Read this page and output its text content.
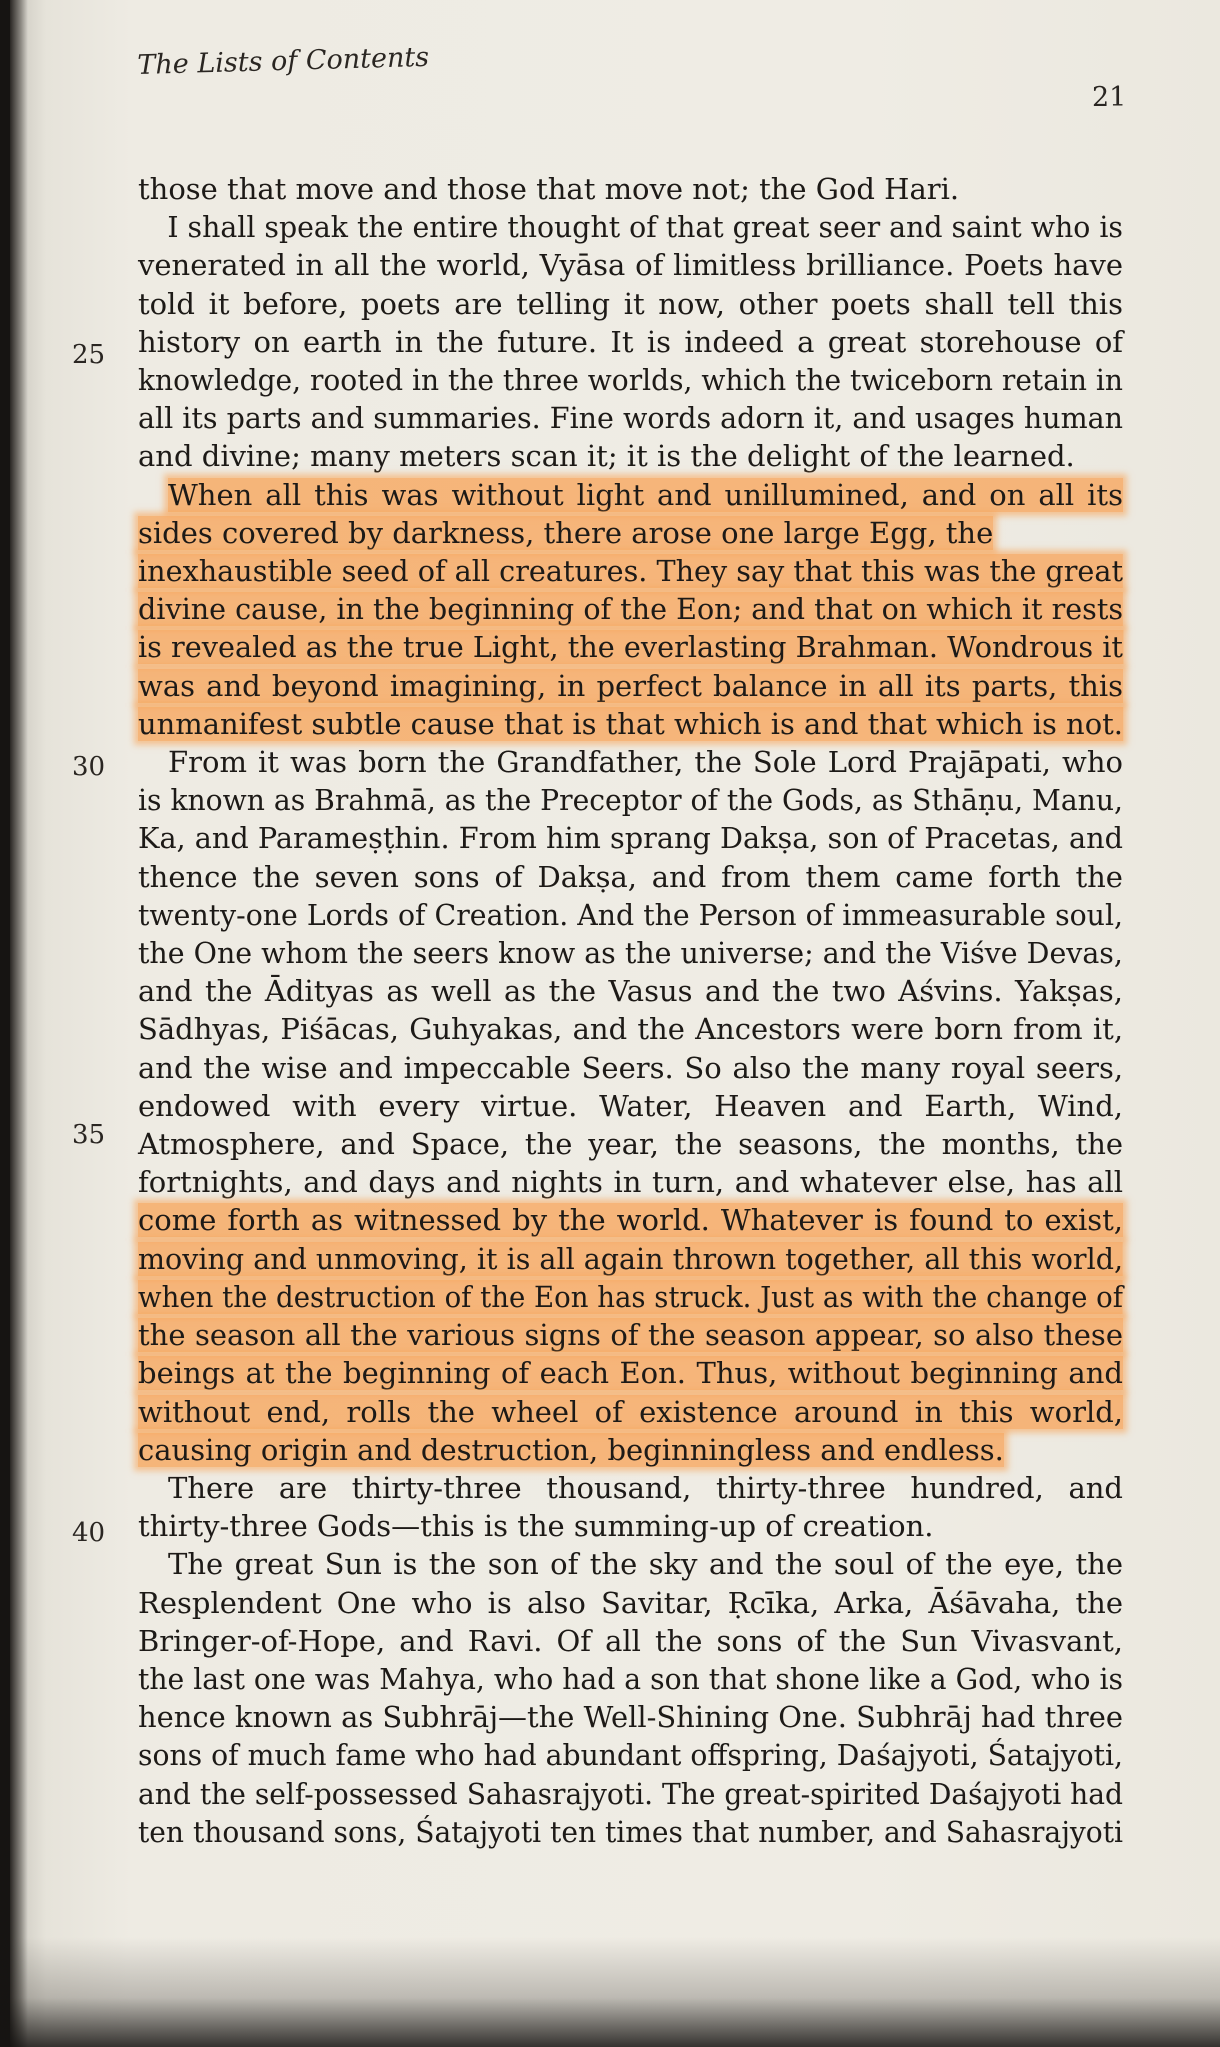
The Lists of Contents
21
25
30
35
40
those that move and those that move not; the God Hari.
I shall speak the entire thought of that great seer and saint who is
venerated in all the world, Vyāsa of limitless brilliance. Poets have
told it before, poets are telling it now, other poets shall tell this
history on earth in the future. It is indeed a great storehouse of
knowledge, rooted in the three worlds, which the twiceborn retain in
all its parts and summaries. Fine words adorn it, and usages human
and divine; many meters scan it; it is the delight of the learned.
When all this was without light and unillumined, and on all its
sides covered by darkness, there arose one large Egg, the
inexhaustible seed of all creatures. They say that this was the great
divine cause, in the beginning of the Eon; and that on which it rests
is revealed as the true Light, the everlasting Brahman. Wondrous it
was and beyond imagining, in perfect balance in all its parts, this
unmanifest subtle cause that is that which is and that which is not.
From it was born the Grandfather, the Sole Lord Prajāpati, who
is known as Brahmā, as the Preceptor of the Gods, as Sthāṇu, Manu,
Ka, and Parameṣṭhin. From him sprang Dakṣa, son of Pracetas, and
thence the seven sons of Dakṣa, and from them came forth the
twenty-one Lords of Creation. And the Person of immeasurable soul,
the One whom the seers know as the universe; and the Viśve Devas,
and the Ādityas as well as the Vasus and the two Aśvins. Yakṣas,
Sādhyas, Piśācas, Guhyakas, and the Ancestors were born from it,
and the wise and impeccable Seers. So also the many royal seers,
endowed with every virtue. Water, Heaven and Earth, Wind,
Atmosphere, and Space, the year, the seasons, the months, the
fortnights, and days and nights in turn, and whatever else, has all
come forth as witnessed by the world. Whatever is found to exist,
moving and unmoving, it is all again thrown together, all this world,
when the destruction of the Eon has struck. Just as with the change of
the season all the various signs of the season appear, so also these
beings at the beginning of each Eon. Thus, without beginning and
without end, rolls the wheel of existence around in this world,
causing origin and destruction, beginningless and endless.
There are thirty-three thousand, thirty-three hundred, and
thirty-three Gods—this is the summing-up of creation.
The great Sun is the son of the sky and the soul of the eye, the
Resplendent One who is also Savitar, Ṛcīka, Arka, Āśāvaha, the
Bringer-of-Hope, and Ravi. Of all the sons of the Sun Vivasvant,
the last one was Mahya, who had a son that shone like a God, who is
hence known as Subhrāj—the Well-Shining One. Subhrāj had three
sons of much fame who had abundant offspring, Daśajyoti, Śatajyoti,
and the self-possessed Sahasrajyoti. The great-spirited Daśajyoti had
ten thousand sons, Śatajyoti ten times that number, and Sahasrajyoti
